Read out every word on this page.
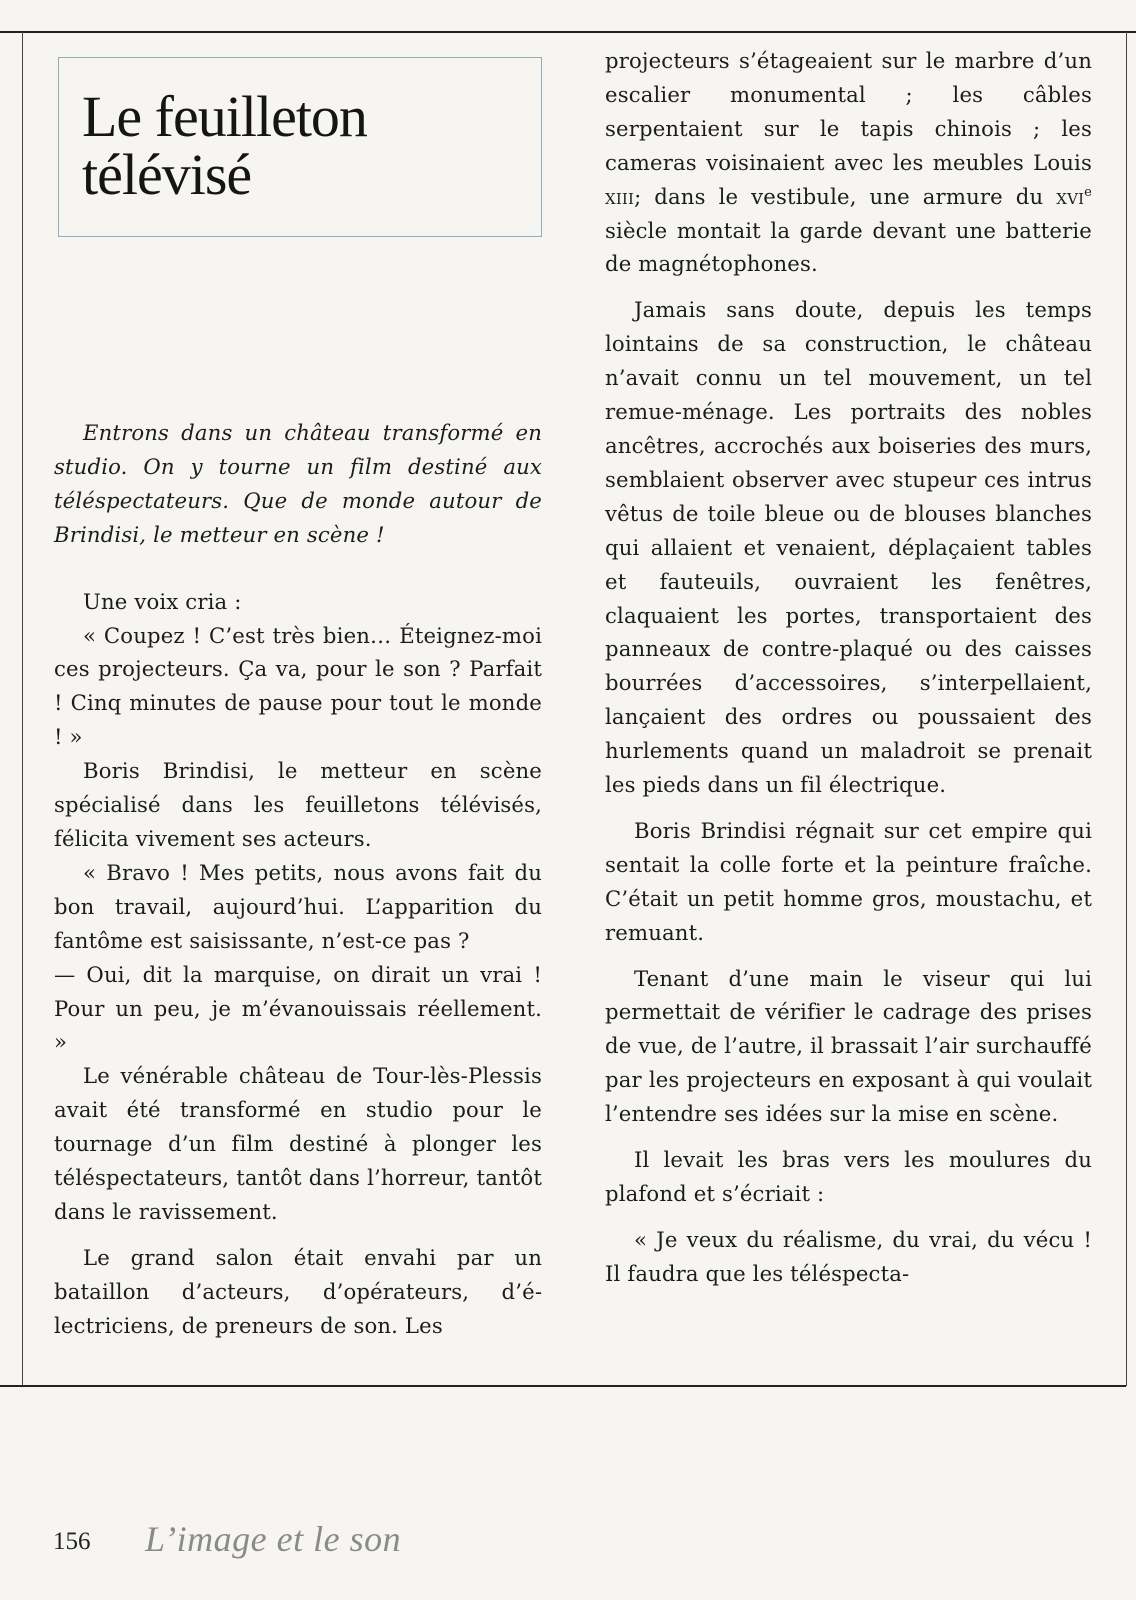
Le feuilleton
télévisé

Entrons dans un château transformé en studio. On y tourne un film destiné aux téléspectateurs. Que de monde autour de Brindisi, le metteur en scène !

Une voix cria :

« Coupez ! C’est très bien… Éteignez-moi ces projecteurs. Ça va, pour le son ? Parfait ! Cinq minutes de pause pour tout le monde ! »

Boris Brindisi, le metteur en scène spécialisé dans les feuilletons télévisés, félicita vivement ses acteurs.

« Bravo ! Mes petits, nous avons fait du bon travail, aujourd’hui. L’apparition du fantôme est saisissante, n’est-ce pas ?

— Oui, dit la marquise, on dirait un vrai ! Pour un peu, je m’évanouissais réellement. »

Le vénérable château de Tour-lès-Plessis avait été transformé en studio pour le tournage d’un film destiné à plonger les téléspectateurs, tantôt dans l’horreur, tantôt dans le ravissement.

Le grand salon était envahi par un bataillon d’acteurs, d’opérateurs, d’électriciens, de preneurs de son. Les

projecteurs s’étageaient sur le marbre d’un escalier monumental ; les câbles serpentaient sur le tapis chinois ; les cameras voisinaient avec les meubles Louis xiii; dans le vestibule, une armure du xvi$^e$ siècle montait la garde devant une batterie de magnétophones.

Jamais sans doute, depuis les temps lointains de sa construction, le château n’avait connu un tel mouvement, un tel remue-ménage. Les portraits des nobles ancêtres, accrochés aux boiseries des murs, semblaient observer avec stupeur ces intrus vêtus de toile bleue ou de blouses blanches qui allaient et venaient, déplaçaient tables et fauteuils, ouvraient les fenêtres, claquaient les portes, transportaient des panneaux de contre-plaqué ou des caisses bourrées d’accessoires, s’interpellaient, lançaient des ordres ou poussaient des hurlements quand un maladroit se prenait les pieds dans un fil électrique.

Boris Brindisi régnait sur cet empire qui sentait la colle forte et la peinture fraîche. C’était un petit homme gros, moustachu, et remuant.

Tenant d’une main le viseur qui lui permettait de vérifier le cadrage des prises de vue, de l’autre, il brassait l’air surchauffé par les projecteurs en exposant à qui voulait l’entendre ses idées sur la mise en scène.

Il levait les bras vers les moulures du plafond et s’écriait :

« Je veux du réalisme, du vrai, du vécu ! Il faudra que les téléspecta-

156 L’image et le son
